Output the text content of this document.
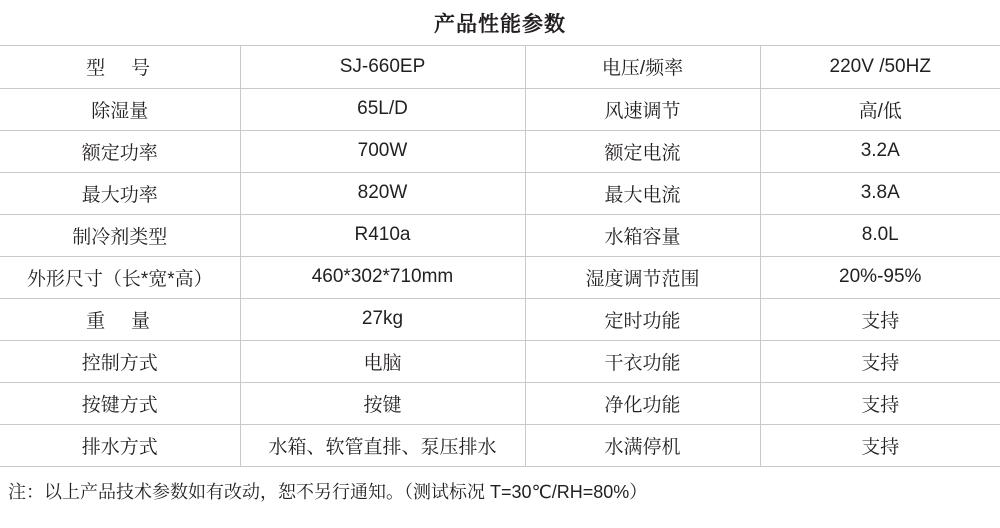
产品性能参数
型　号	SJ-660EP	电压/频率	220V /50HZ
除湿量	65L/D	风速调节	高/低
额定功率	700W	额定电流	3.2A
最大功率	820W	最大电流	3.8A
制冷剂类型	R410a	水箱容量	8.0L
外形尺寸（长*宽*高）	460*302*710mm	湿度调节范围	20%-95%
重　量	27kg	定时功能	支持
控制方式	电脑	干衣功能	支持
按键方式	按键	净化功能	支持
排水方式	水箱、软管直排、泵压排水	水满停机	支持
注：以上产品技术参数如有改动，恕不另行通知。（测试标况 T=30℃/RH=80%）
